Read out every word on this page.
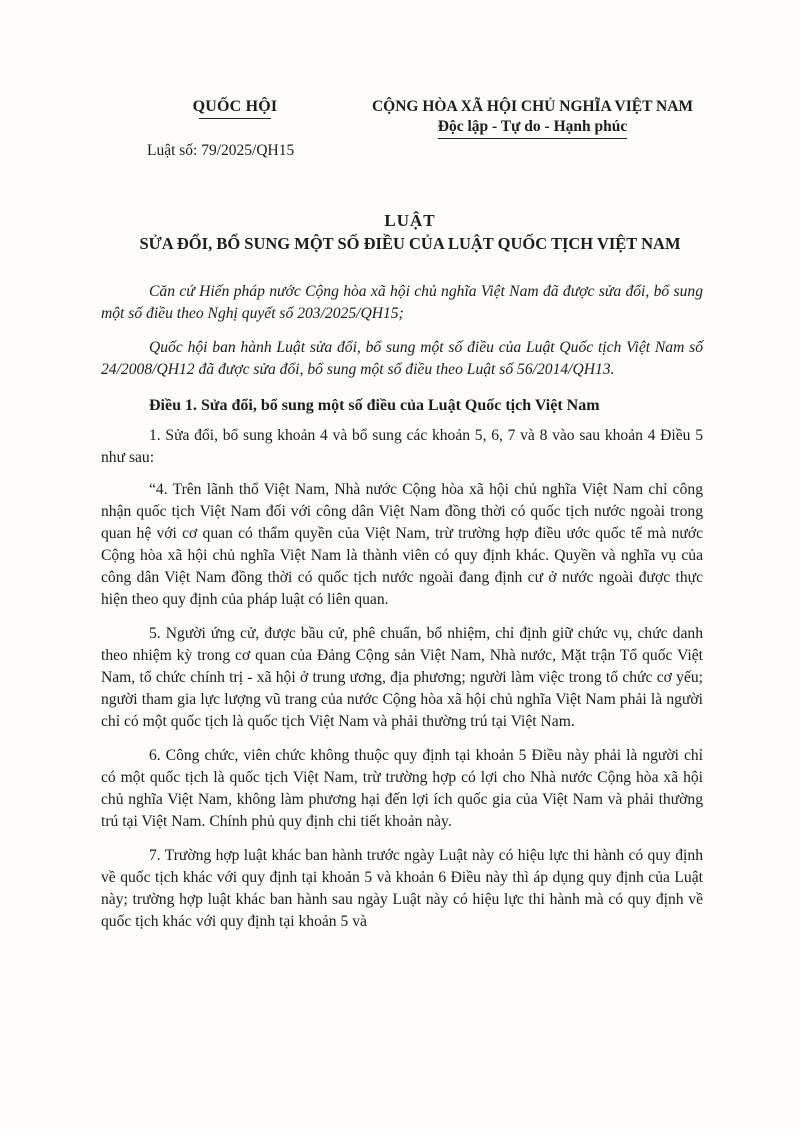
QUỐC HỘI
Luật số: 79/2025/QH15
CỘNG HÒA XÃ HỘI CHỦ NGHĨA VIỆT NAM
Độc lập - Tự do - Hạnh phúc
LUẬT
SỬA ĐỔI, BỔ SUNG MỘT SỐ ĐIỀU CỦA LUẬT QUỐC TỊCH VIỆT NAM

Căn cứ Hiến pháp nước Cộng hòa xã hội chủ nghĩa Việt Nam đã được sửa đổi, bổ sung một số điều theo Nghị quyết số 203/2025/QH15;

Quốc hội ban hành Luật sửa đổi, bổ sung một số điều của Luật Quốc tịch Việt Nam số 24/2008/QH12 đã được sửa đổi, bổ sung một số điều theo Luật số 56/2014/QH13.

Điều 1. Sửa đổi, bổ sung một số điều của Luật Quốc tịch Việt Nam

1. Sửa đổi, bổ sung khoản 4 và bổ sung các khoản 5, 6, 7 và 8 vào sau khoản 4 Điều 5 như sau:

“4. Trên lãnh thổ Việt Nam, Nhà nước Cộng hòa xã hội chủ nghĩa Việt Nam chỉ công nhận quốc tịch Việt Nam đối với công dân Việt Nam đồng thời có quốc tịch nước ngoài trong quan hệ với cơ quan có thẩm quyền của Việt Nam, trừ trường hợp điều ước quốc tế mà nước Cộng hòa xã hội chủ nghĩa Việt Nam là thành viên có quy định khác. Quyền và nghĩa vụ của công dân Việt Nam đồng thời có quốc tịch nước ngoài đang định cư ở nước ngoài được thực hiện theo quy định của pháp luật có liên quan.

5. Người ứng cử, được bầu cử, phê chuẩn, bổ nhiệm, chỉ định giữ chức vụ, chức danh theo nhiệm kỳ trong cơ quan của Đảng Cộng sản Việt Nam, Nhà nước, Mặt trận Tổ quốc Việt Nam, tổ chức chính trị - xã hội ở trung ương, địa phương; người làm việc trong tổ chức cơ yếu; người tham gia lực lượng vũ trang của nước Cộng hòa xã hội chủ nghĩa Việt Nam phải là người chỉ có một quốc tịch là quốc tịch Việt Nam và phải thường trú tại Việt Nam.

6. Công chức, viên chức không thuộc quy định tại khoản 5 Điều này phải là người chỉ có một quốc tịch là quốc tịch Việt Nam, trừ trường hợp có lợi cho Nhà nước Cộng hòa xã hội chủ nghĩa Việt Nam, không làm phương hại đến lợi ích quốc gia của Việt Nam và phải thường trú tại Việt Nam. Chính phủ quy định chi tiết khoản này.

7. Trường hợp luật khác ban hành trước ngày Luật này có hiệu lực thi hành có quy định về quốc tịch khác với quy định tại khoản 5 và khoản 6 Điều này thì áp dụng quy định của Luật này; trường hợp luật khác ban hành sau ngày Luật này có hiệu lực thi hành mà có quy định về quốc tịch khác với quy định tại khoản 5 và
